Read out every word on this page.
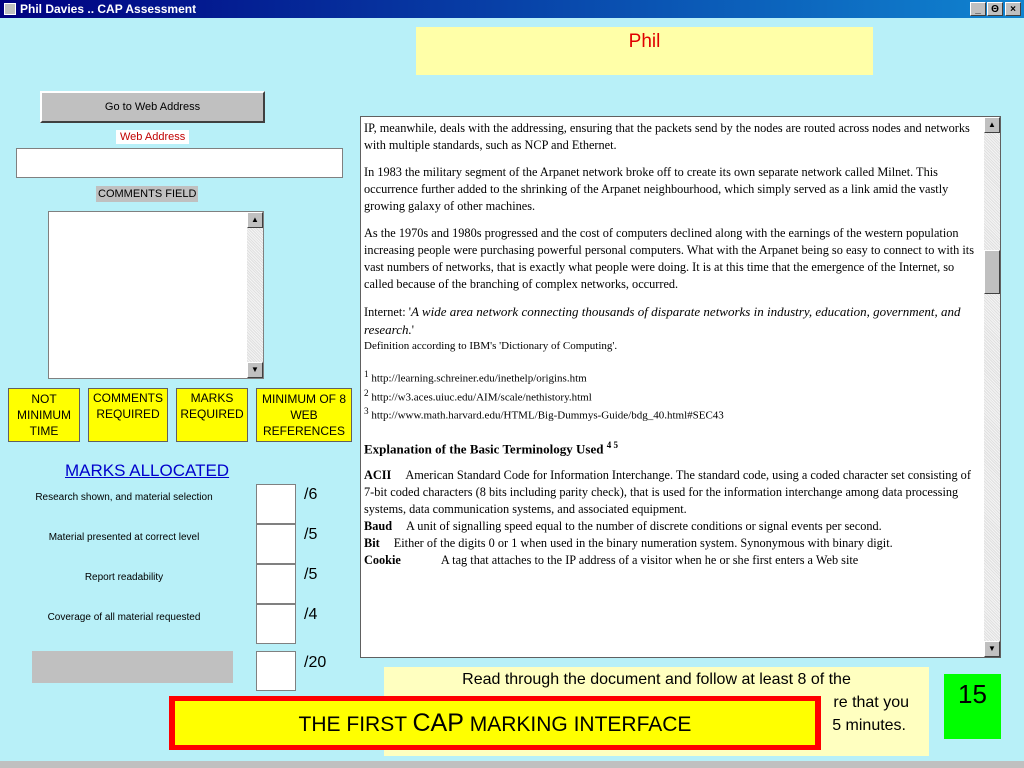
Phil Davies .. CAP Assessment	_	Θ	×
Phil
Go to Web Address
Web Address
COMMENTS FIELD
▲
▼
NOT
MINIMUM
TIME
COMMENTS
REQUIRED
MARKS
REQUIRED
MINIMUM OF 8
WEB
REFERENCES
MARKS ALLOCATED
Research shown, and material selection	/6
Material presented at correct level	/5
Report readability	/5
Coverage of all material requested	/4
/20

IP, meanwhile, deals with the addressing, ensuring that the packets send by the nodes are routed across nodes and networks with multiple standards, such as NCP and Ethernet.

In 1983 the military segment of the Arpanet network broke off to create its own separate network called Milnet. This occurrence further added to the shrinking of the Arpanet neighbourhood, which simply served as a link amid the vastly growing galaxy of other machines.

As the 1970s and 1980s progressed and the cost of computers declined along with the earnings of the western population increasing people were purchasing powerful personal computers. What with the Arpanet being so easy to connect to with its vast numbers of networks, that is exactly what people were doing. It is at this time that the emergence of the Internet, so called because of the branching of complex networks, occurred.

Internet: 'A wide area network connecting thousands of disparate networks in industry, education, government, and research.'

Definition according to IBM's 'Dictionary of Computing'.

$^1$ http://learning.schreiner.edu/inethelp/origins.htm
$^2$ http://w3.aces.uiuc.edu/AIM/scale/nethistory.html
$^3$ http://www.math.harvard.edu/HTML/Big-Dummys-Guide/bdg_40.html#SEC43
Explanation of the Basic Terminology Used $^{4 5}$

ACII American Standard Code for Information Interchange. The standard code, using a coded character set consisting of 7-bit coded characters (8 bits including parity check), that is used for the information interchange among data processing systems, data communication systems, and associated equipment.

Baud A unit of signalling speed equal to the number of discrete conditions or signal events per second.

Bit Either of the digits 0 or 1 when used in the binary numeration system. Synonymous with binary digit.

Cookie	A tag that attaches to the IP address of a visitor when he or she first enters a Web site

▲
▼
Read through the document and follow at least 8 of the
re that you
5 minutes.
15
THE FIRST CAP MARKING INTERFACE
